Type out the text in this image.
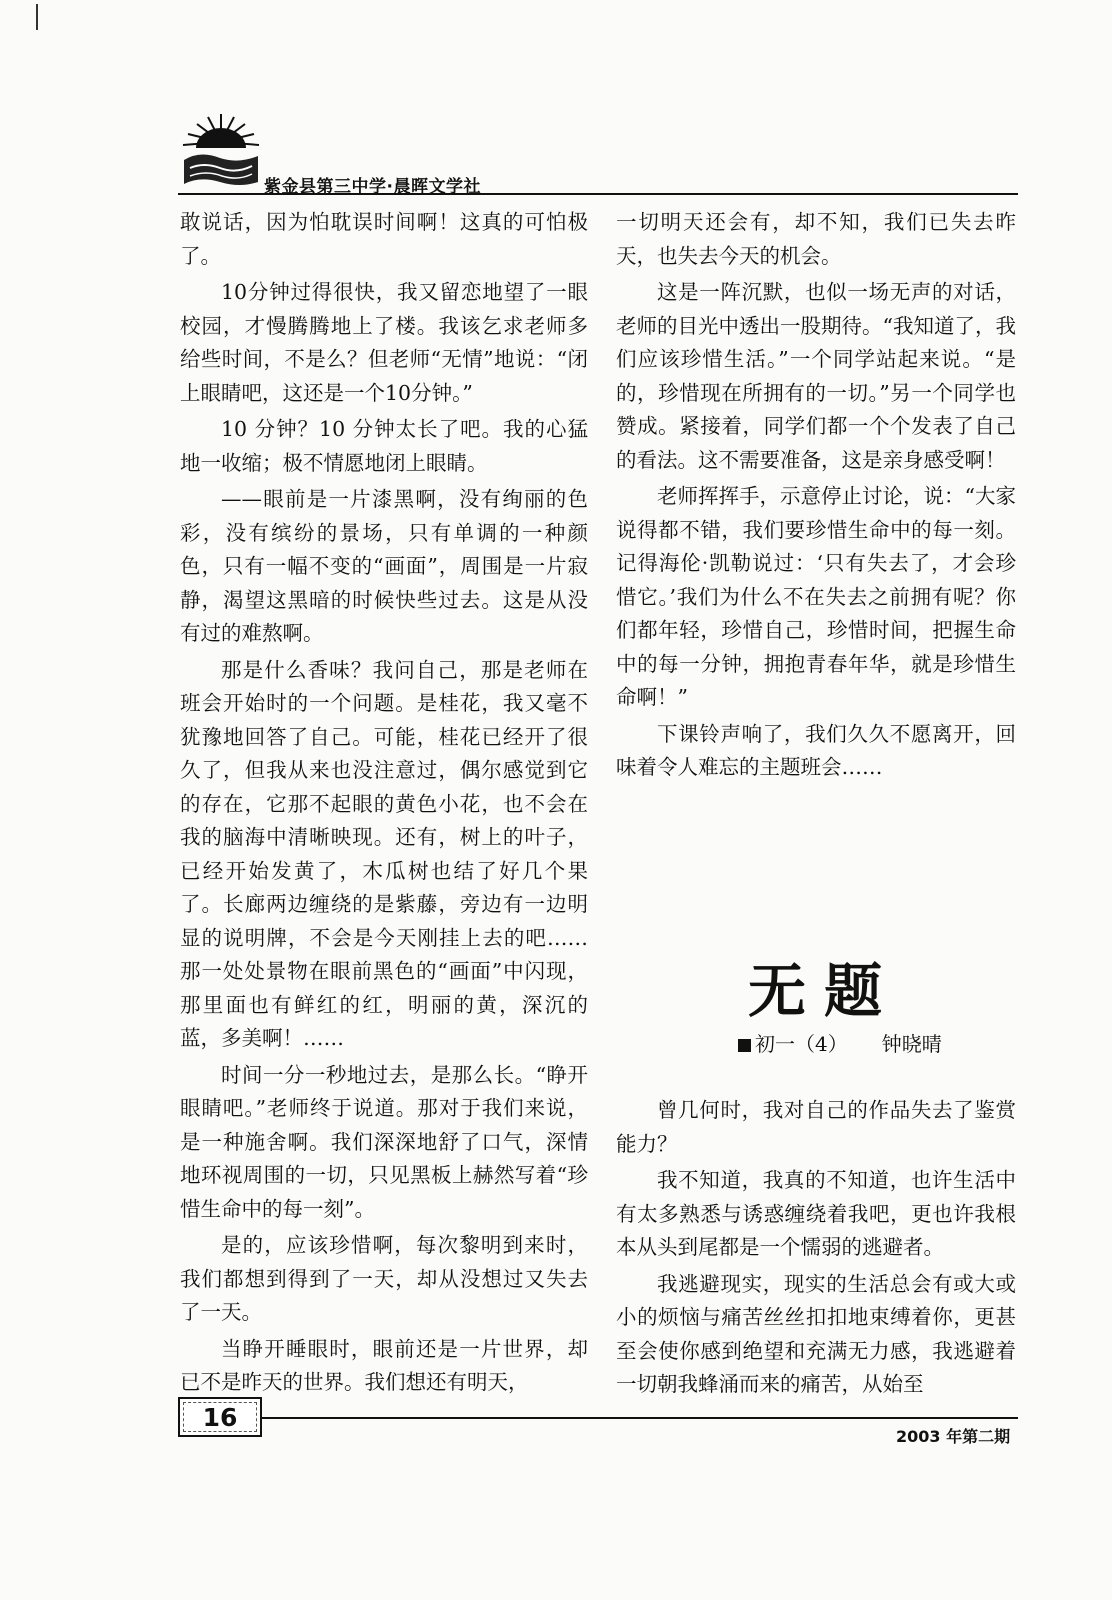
紫金县第三中学·晨晖文学社

敢说话，因为怕耽误时间啊！这真的可怕极了。

10分钟过得很快，我又留恋地望了一眼校园，才慢腾腾地上了楼。我该乞求老师多给些时间，不是么？但老师“无情”地说：“闭上眼睛吧，这还是一个10分钟。”

10 分钟？10 分钟太长了吧。我的心猛地一收缩；极不情愿地闭上眼睛。

——眼前是一片漆黑啊，没有绚丽的色彩，没有缤纷的景场，只有单调的一种颜色，只有一幅不变的“画面”，周围是一片寂静，渴望这黑暗的时候快些过去。这是从没有过的难熬啊。

那是什么香味？我问自己，那是老师在班会开始时的一个问题。是桂花，我又毫不犹豫地回答了自己。可能，桂花已经开了很久了，但我从来也没注意过，偶尔感觉到它的存在，它那不起眼的黄色小花，也不会在我的脑海中清晰映现。还有，树上的叶子，已经开始发黄了，木瓜树也结了好几个果了。长廊两边缠绕的是紫藤，旁边有一边明显的说明牌，不会是今天刚挂上去的吧……那一处处景物在眼前黑色的“画面”中闪现，那里面也有鲜红的红，明丽的黄，深沉的蓝，多美啊！……

时间一分一秒地过去，是那么长。“睁开眼睛吧。”老师终于说道。那对于我们来说，是一种施舍啊。我们深深地舒了口气，深情地环视周围的一切，只见黑板上赫然写着“珍惜生命中的每一刻”。

是的，应该珍惜啊，每次黎明到来时，我们都想到得到了一天，却从没想过又失去了一天。

当睁开睡眼时，眼前还是一片世界，却已不是昨天的世界。我们想还有明天，

一切明天还会有，却不知，我们已失去昨天，也失去今天的机会。

这是一阵沉默，也似一场无声的对话，老师的目光中透出一股期待。“我知道了，我们应该珍惜生活。”一个同学站起来说。“是的，珍惜现在所拥有的一切。”另一个同学也赞成。紧接着，同学们都一个个发表了自己的看法。这不需要准备，这是亲身感受啊！

老师挥挥手，示意停止讨论，说：“大家说得都不错，我们要珍惜生命中的每一刻。记得海伦·凯勒说过：‘只有失去了，才会珍惜它。’我们为什么不在失去之前拥有呢？你们都年轻，珍惜自己，珍惜时间，把握生命中的每一分钟，拥抱青春年华，就是珍惜生命啊！”

下课铃声响了，我们久久不愿离开，回味着令人难忘的主题班会……

无题
初一（4） 钟晓晴

曾几何时，我对自己的作品失去了鉴赏能力？

我不知道，我真的不知道，也许生活中有太多熟悉与诱惑缠绕着我吧，更也许我根本从头到尾都是一个懦弱的逃避者。

我逃避现实，现实的生活总会有或大或小的烦恼与痛苦丝丝扣扣地束缚着你，更甚至会使你感到绝望和充满无力感，我逃避着一切朝我蜂涌而来的痛苦，从始至

16
2003 年第二期
